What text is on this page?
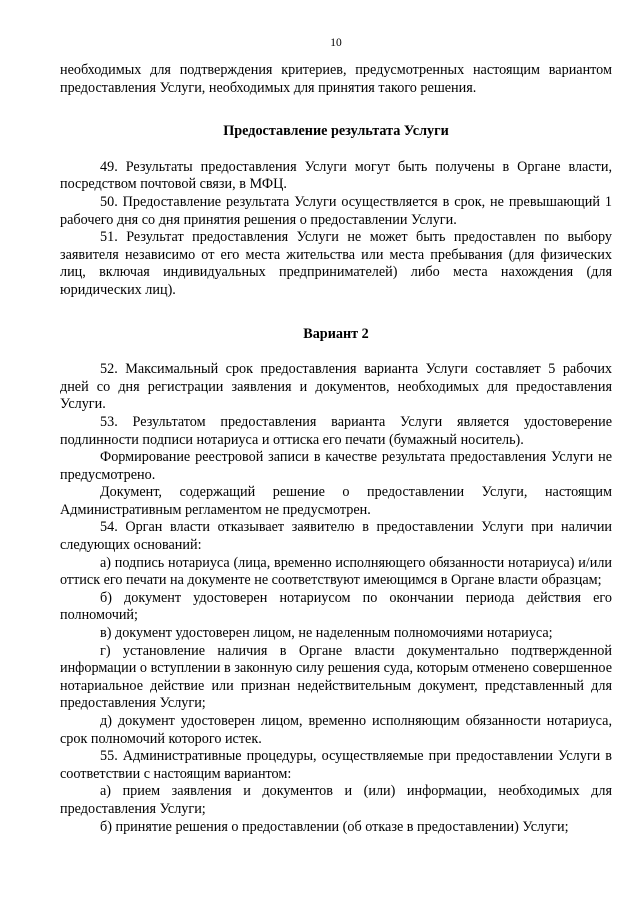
10

необходимых для подтверждения критериев, предусмотренных настоящим вариантом предоставления Услуги, необходимых для принятия такого решения.

Предоставление результата Услуги

49. Результаты предоставления Услуги могут быть получены в Органе власти, посредством почтовой связи, в МФЦ.

50. Предоставление результата Услуги осуществляется в срок, не превышающий 1 рабочего дня со дня принятия решения о предоставлении Услуги.

51. Результат предоставления Услуги не может быть предоставлен по выбору заявителя независимо от его места жительства или места пребывания (для физических лиц, включая индивидуальных предпринимателей) либо места нахождения (для юридических лиц).

Вариант 2

52. Максимальный срок предоставления варианта Услуги составляет 5 рабочих дней со дня регистрации заявления и документов, необходимых для предоставления Услуги.

53. Результатом предоставления варианта Услуги является удостоверение подлинности подписи нотариуса и оттиска его печати (бумажный носитель).

Формирование реестровой записи в качестве результата предоставления Услуги не предусмотрено.

Документ, содержащий решение о предоставлении Услуги, настоящим Административным регламентом не предусмотрен.

54. Орган власти отказывает заявителю в предоставлении Услуги при наличии следующих оснований:

а) подпись нотариуса (лица, временно исполняющего обязанности нотариуса) и/или оттиск его печати на документе не соответствуют имеющимся в Органе власти образцам;

б) документ удостоверен нотариусом по окончании периода действия его полномочий;

в) документ удостоверен лицом, не наделенным полномочиями нотариуса;

г) установление наличия в Органе власти документально подтвержденной информации о вступлении в законную силу решения суда, которым отменено совершенное нотариальное действие или признан недействительным документ, представленный для предоставления Услуги;

д) документ удостоверен лицом, временно исполняющим обязанности нотариуса, срок полномочий которого истек.

55. Административные процедуры, осуществляемые при предоставлении Услуги в соответствии с настоящим вариантом:

а) прием заявления и документов и (или) информации, необходимых для предоставления Услуги;

б) принятие решения о предоставлении (об отказе в предоставлении) Услуги;
